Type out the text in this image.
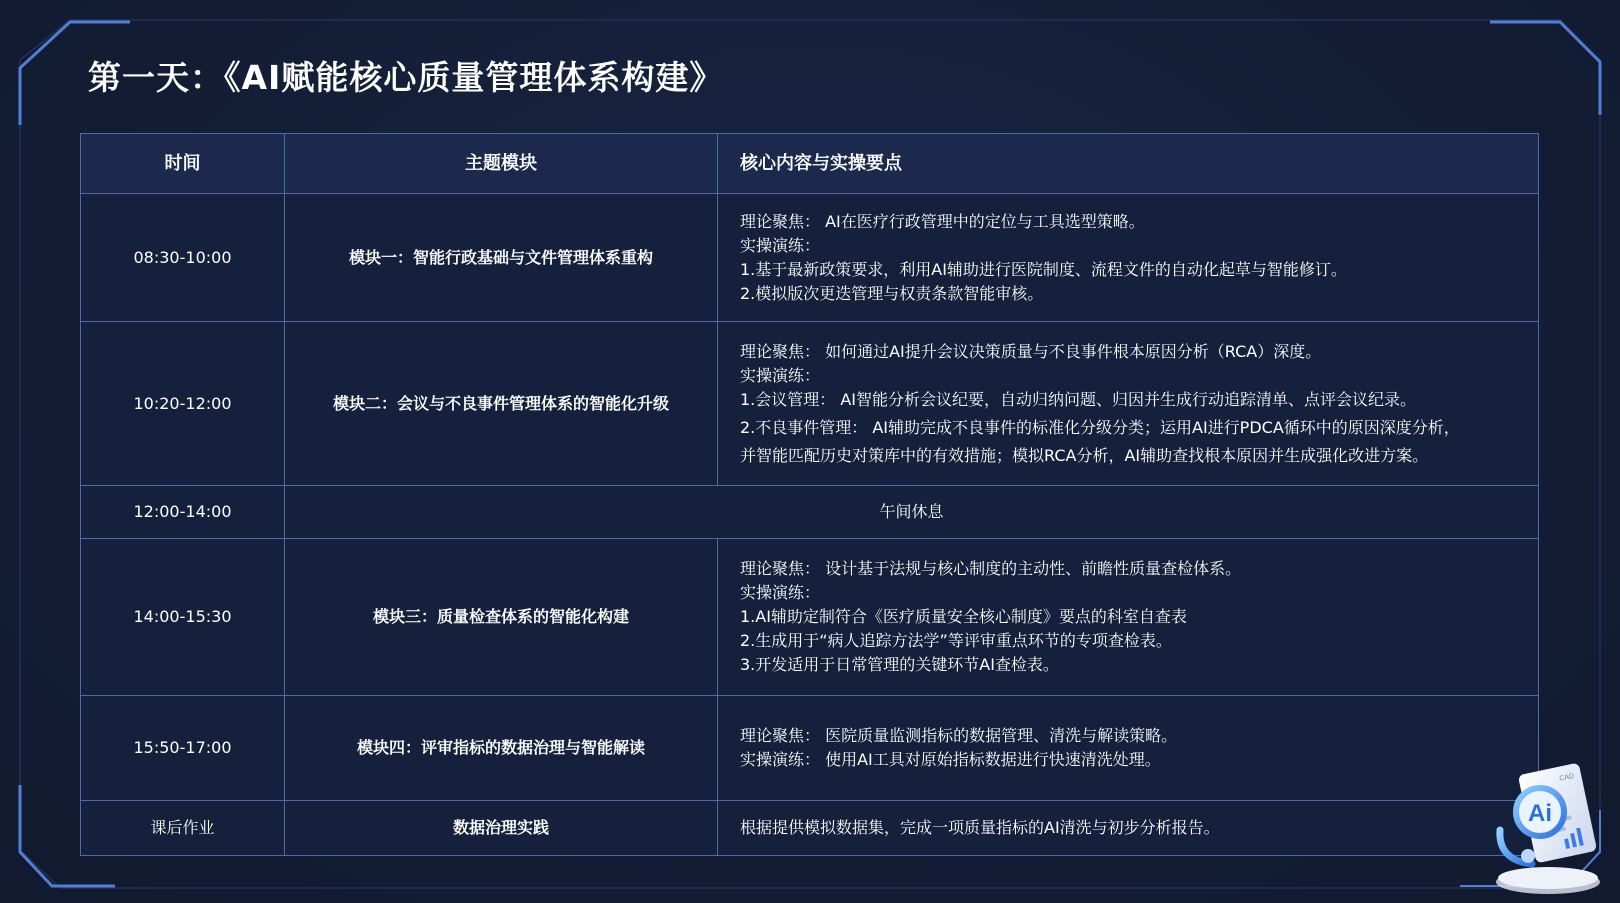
第一天：《AI赋能核心质量管理体系构建》
时间	主题模块	核心内容与实操要点
08:30-10:00	模块一：智能行政基础与文件管理体系重构	理论聚焦： AI在医疗行政管理中的定位与工具选型策略。
实操演练：
1.基于最新政策要求，利用AI辅助进行医院制度、流程文件的自动化起草与智能修订。
2.模拟版次更迭管理与权责条款智能审核。

10:20-12:00	模块二：会议与不良事件管理体系的智能化升级	理论聚焦： 如何通过AI提升会议决策质量与不良事件根本原因分析（RCA）深度。
实操演练：
1.会议管理： AI智能分析会议纪要，自动归纳问题、归因并生成行动追踪清单、点评会议纪录。
2.不良事件管理： AI辅助完成不良事件的标准化分级分类；运用AI进行PDCA循环中的原因深度分析，
并智能匹配历史对策库中的有效措施；模拟RCA分析，AI辅助查找根本原因并生成强化改进方案。

12:00-14:00	午间休息	
14:00-15:30	模块三：质量检查体系的智能化构建	理论聚焦： 设计基于法规与核心制度的主动性、前瞻性质量查检体系。
实操演练：
1.AI辅助定制符合《医疗质量安全核心制度》要点的科室自查表
2.生成用于“病人追踪方法学”等评审重点环节的专项查检表。
3.开发适用于日常管理的关键环节AI查检表。

15:50-17:00	模块四：评审指标的数据治理与智能解读	理论聚焦： 医院质量监测指标的数据管理、清洗与解读策略。
实操演练： 使用AI工具对原始指标数据进行快速清洗处理。

课后作业	数据治理实践	根据提供模拟数据集，完成一项质量指标的AI清洗与初步分析报告。
CAD
Ai
